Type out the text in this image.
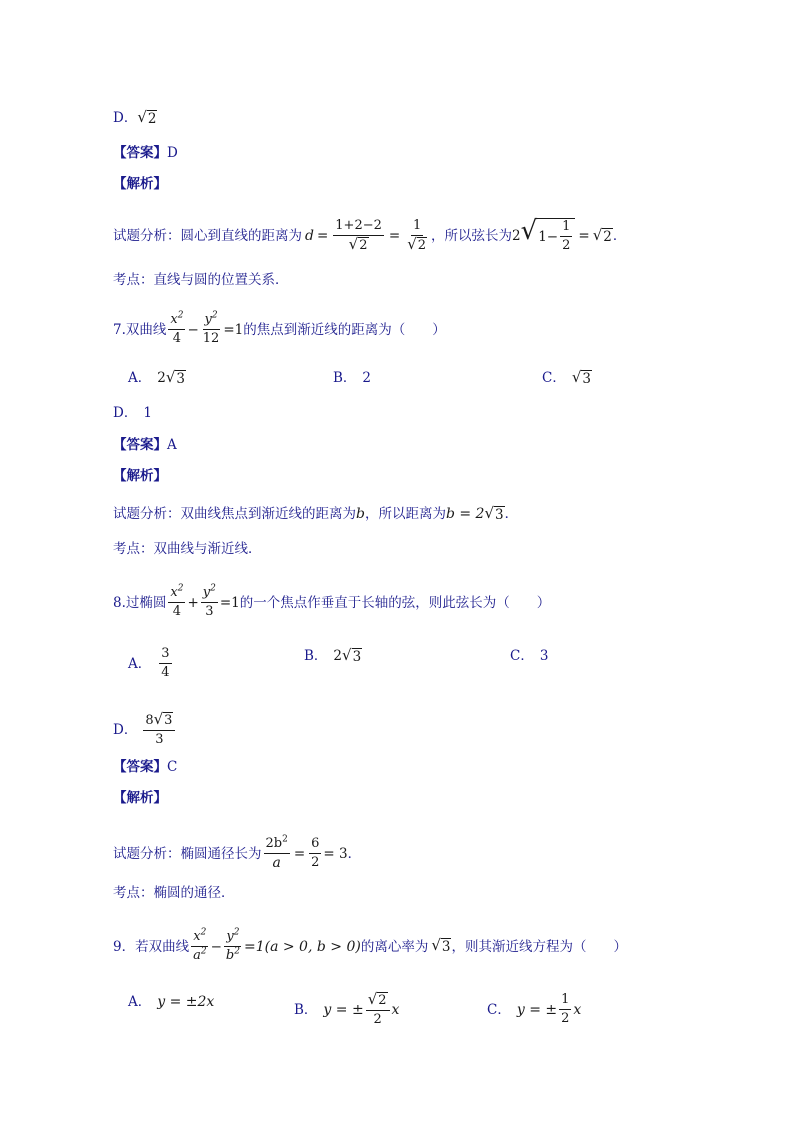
D． √ 2
【答案】 D
【解析】
试题分析：圆心到直线的距离为 $d = \frac{1+2-2}{√ 2} = \frac{1}{√ 2}$ ，所以弦长为 2 √ $1- \frac{1}{2}$ = √ 2 ．
考点：直线与圆的位置关系．
7.双曲线 $\frac{x^2}{4} - \frac{y^2}{12} =1$ 的焦点到渐近线的距离为（　　）
A． 2 √ 3	B． 2	C． √ 3
D． 1
【答案】 A
【解析】
试题分析：双曲线焦点到渐近线的距离为 b ，所以距离为 b = 2 √ 3 ．
考点：双曲线与渐近线．
8.过椭圆 $\frac{x^2}{4} + \frac{y^2}{3} =1$ 的一个焦点作垂直于长轴的弦，则此弦长为（　　）
A． $\frac{3}{4}$	B． 2 √ 3	C． 3
D． $\frac{8 √ 3}{3}$
【答案】 C
【解析】
试题分析：椭圆通径长为 $\frac{2b^2}{a} = \frac{6}{2} = 3$ ．
考点：椭圆的通径．
9．若双曲线 $\frac{x^2}{a^2} - \frac{y^2}{b^2} =1(a > 0$, b > 0) 的离心率为 √ 3 ，则其渐近线方程为（　　）
A． y = ±2x	B． y = ± $\frac{√ 2}{2}$ x	C． y = ± $\frac{1}{2}$ x
